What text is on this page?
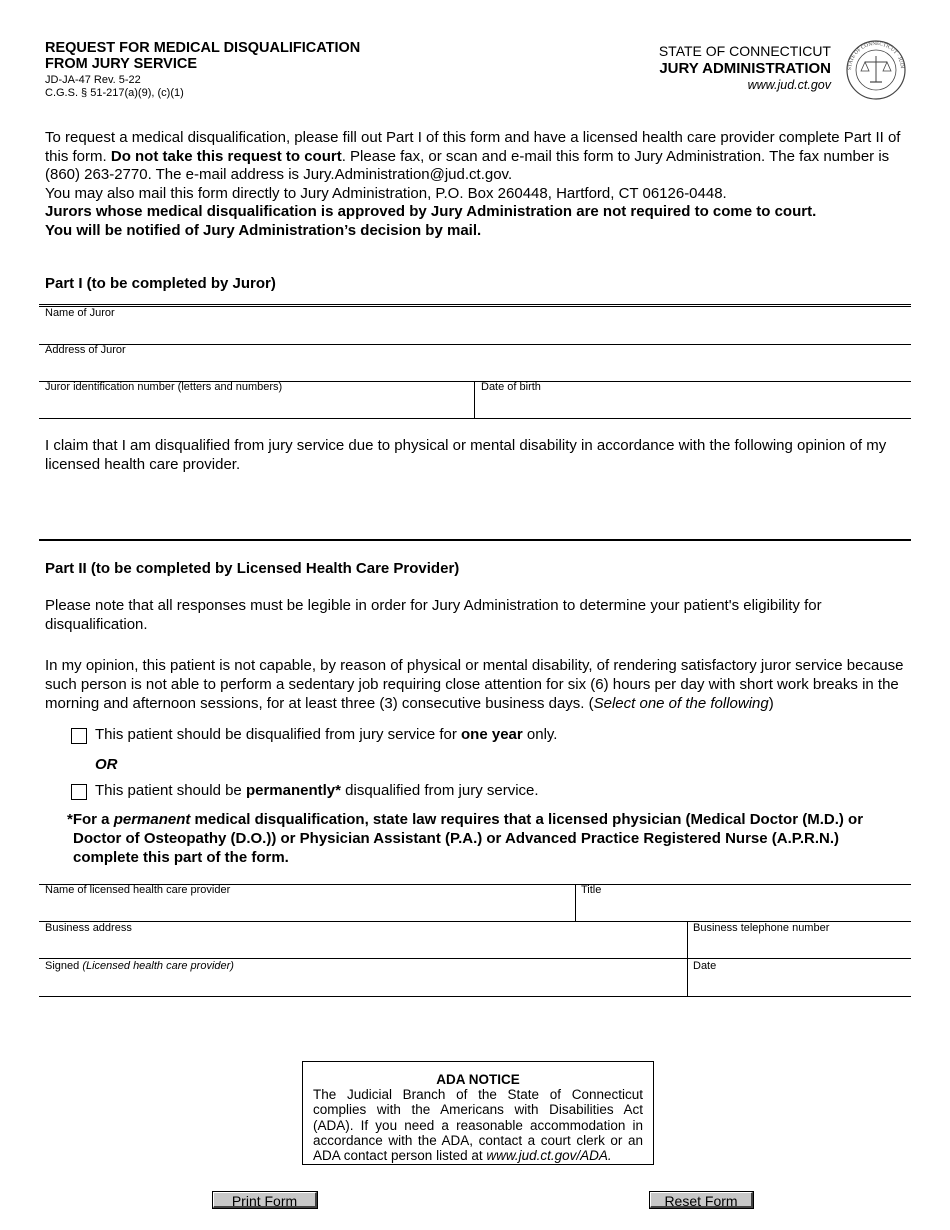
REQUEST FOR MEDICAL DISQUALIFICATION
FROM JURY SERVICE
JD-JA-47 Rev. 5-22
C.G.S. § 51-217(a)(9), (c)(1)
STATE OF CONNECTICUT
JURY ADMINISTRATION
www.jud.ct.gov
STATE OF CONNECTICUT · JUDI
To request a medical disqualification, please fill out Part I of this form and have a licensed health care provider complete Part II of this form. Do not take this request to court. Please fax, or scan and e-mail this form to Jury Administration. The fax number is (860) 263-2770. The e-mail address is Jury.Administration@jud.ct.gov.
You may also mail this form directly to Jury Administration, P.O. Box 260448, Hartford, CT 06126-0448.
Jurors whose medical disqualification is approved by Jury Administration are not required to come to court.
You will be notified of Jury Administration’s decision by mail.
Part I (to be completed by Juror)
Name of Juror
Address of Juror
Juror identification number (letters and numbers)	Date of birth
I claim that I am disqualified from jury service due to physical or mental disability in accordance with the following opinion of my licensed health care provider.
Part II (to be completed by Licensed Health Care Provider)
Please note that all responses must be legible in order for Jury Administration to determine your patient's eligibility for disqualification.
In my opinion, this patient is not capable, by reason of physical or mental disability, of rendering satisfactory juror service because such person is not able to perform a sedentary job requiring close attention for six (6) hours per day with short work breaks in the morning and afternoon sessions, for at least three (3) consecutive business days. (Select one of the following)
This patient should be disqualified from jury service for one year only.
OR
This patient should be permanently* disqualified from jury service.
*For a permanent medical disqualification, state law requires that a licensed physician (Medical Doctor (M.D.) or Doctor of Osteopathy (D.O.)) or Physician Assistant (P.A.) or Advanced Practice Registered Nurse (A.P.R.N.) complete this part of the form.
Name of licensed health care provider	Title
Business address	Business telephone number
Signed (Licensed health care provider)	Date
ADA NOTICE
The Judicial Branch of the State of Connecticut complies with the Americans with Disabilities Act (ADA). If you need a reasonable accommodation in accordance with the ADA, contact a court clerk or an ADA contact person listed at www.jud.ct.gov/ADA.
Print Form	Reset Form
